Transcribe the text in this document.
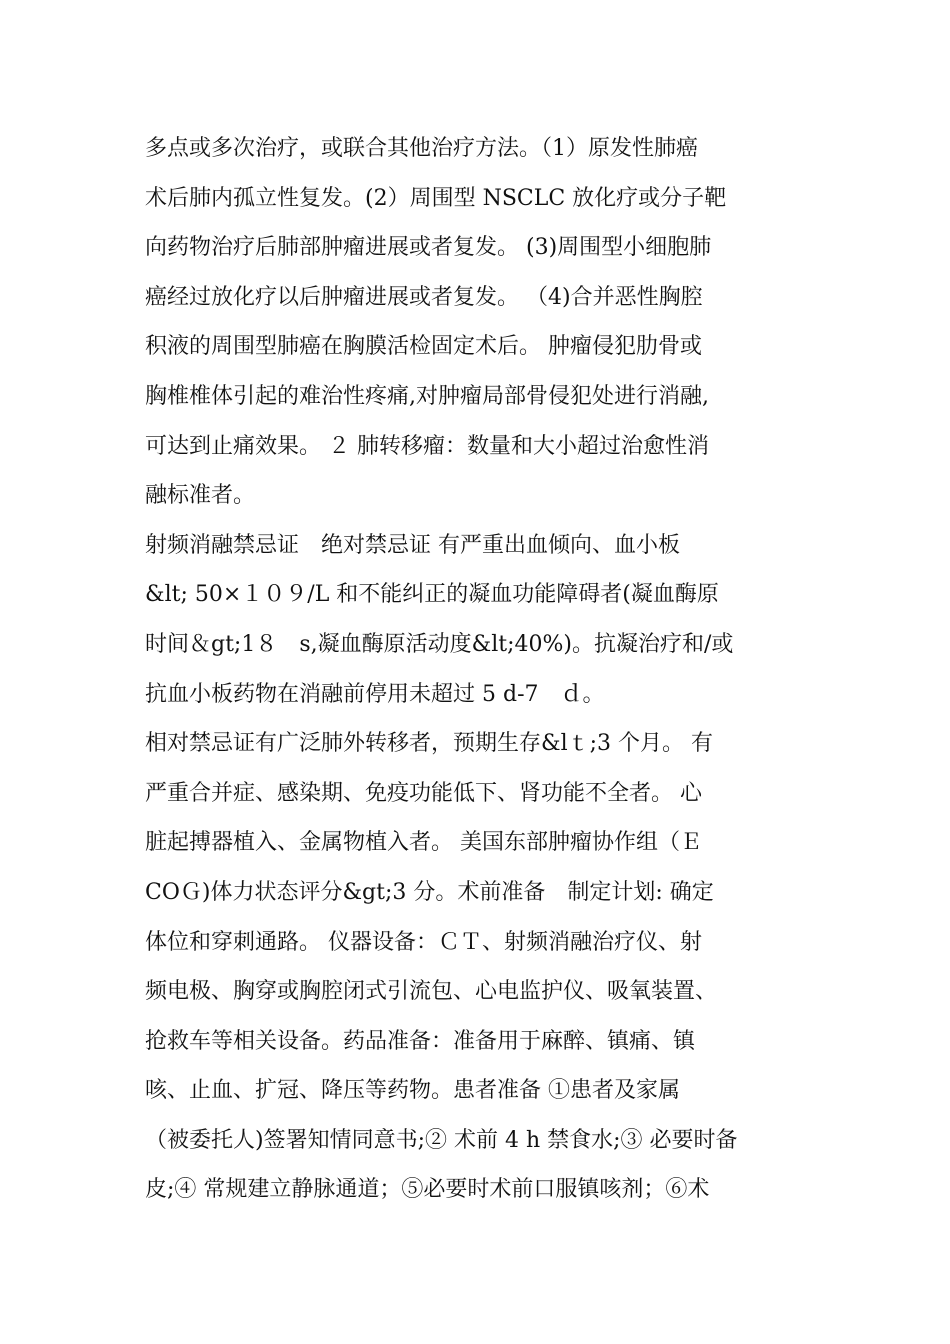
多点或多次治疗，或联合其他治疗方法。（1）原发性肺癌
术后肺内孤立性复发。(2）周围型 NSCLC 放化疗或分子靶
向药物治疗后肺部肿瘤进展或者复发。 (3)周围型小细胞肺
癌经过放化疗以后肿瘤进展或者复发。 （4)合并恶性胸腔
积液的周围型肺癌在胸膜活检固定术后。 肿瘤侵犯肋骨或
胸椎椎体引起的难治性疼痛,对肿瘤局部骨侵犯处进行消融,
可达到止痛效果。 ２ 肺转移瘤：数量和大小超过治愈性消
融标准者。
射频消融禁忌证　绝对禁忌证 有严重出血倾向、血小板
&lt; 50×１０９/L 和不能纠正的凝血功能障碍者(凝血酶原
时间＆gt;1８　s,凝血酶原活动度&lt;40%)。抗凝治疗和/或
抗血小板药物在消融前停用未超过 5 d-7　ｄ。
相对禁忌证有广泛肺外转移者，预期生存&lｔ;3 个月。 有
严重合并症、感染期、免疫功能低下、肾功能不全者。 心
脏起搏器植入、金属物植入者。 美国东部肿瘤协作组（Ｅ
COＧ)体力状态评分&gt;3 分。术前准备　制定计划: 确定
体位和穿刺通路。 仪器设备：ＣＴ、射频消融治疗仪、射
频电极、胸穿或胸腔闭式引流包、心电监护仪、吸氧装置、
抢救车等相关设备。药品准备：准备用于麻醉、镇痛、镇
咳、止血、扩冠、降压等药物。患者准备 ①患者及家属
（被委托人)签署知情同意书;② 术前 4 h 禁食水;③ 必要时备
皮;④ 常规建立静脉通道；⑤必要时术前口服镇咳剂；⑥术
